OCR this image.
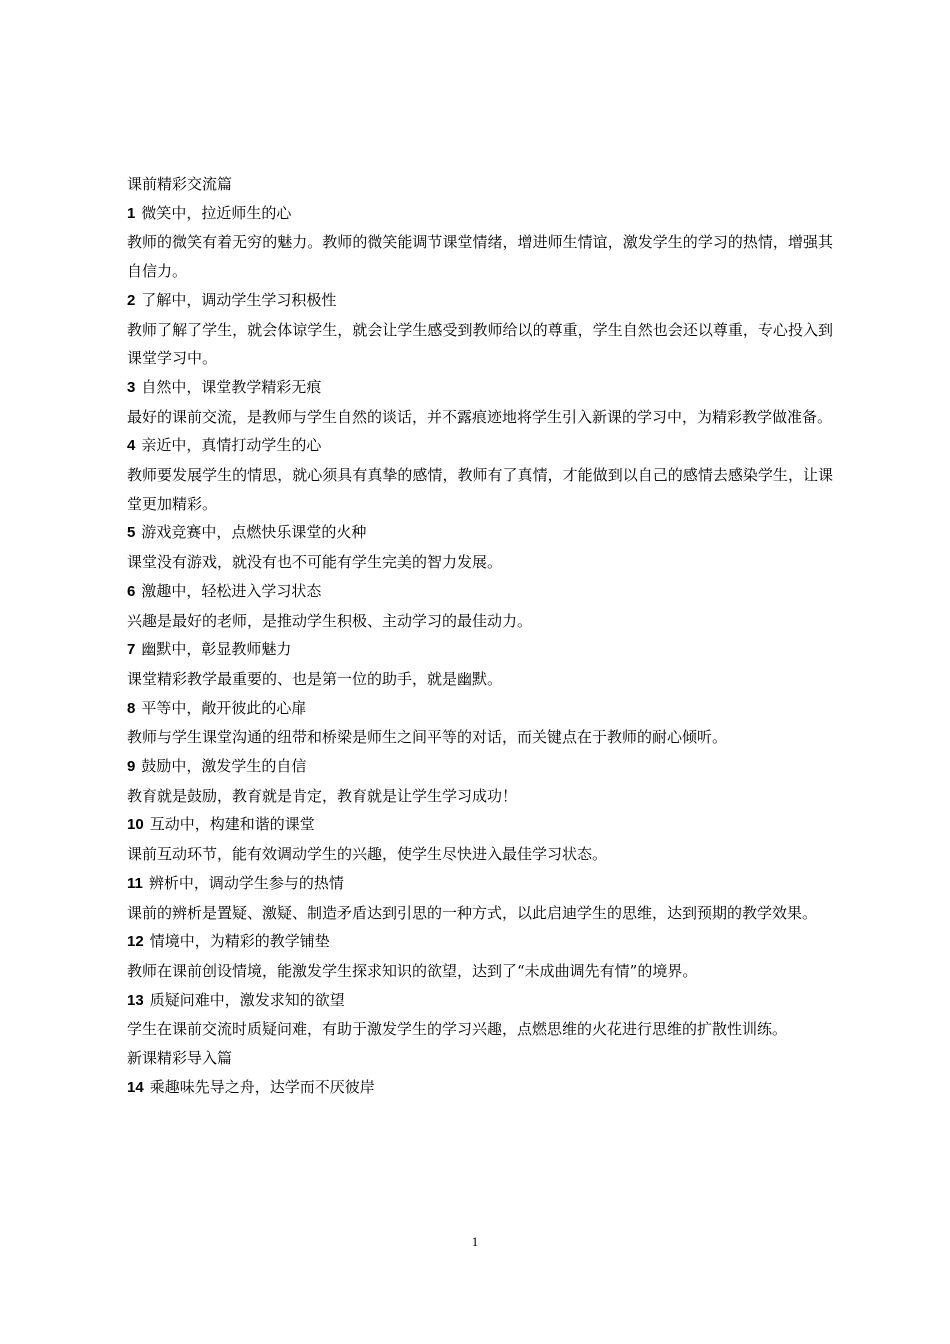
课前精彩交流篇
1 微笑中，拉近师生的心
教师的微笑有着无穷的魅力。教师的微笑能调节课堂情绪，增进师生情谊，激发学生的学习的热情，增强其自信力。
2 了解中，调动学生学习积极性
教师了解了学生，就会体谅学生，就会让学生感受到教师给以的尊重，学生自然也会还以尊重，专心投入到课堂学习中。
3 自然中，课堂教学精彩无痕
最好的课前交流，是教师与学生自然的谈话，并不露痕迹地将学生引入新课的学习中，为精彩教学做准备。
4 亲近中，真情打动学生的心
教师要发展学生的情思，就心须具有真挚的感情，教师有了真情，才能做到以自己的感情去感染学生，让课堂更加精彩。
5 游戏竞赛中，点燃快乐课堂的火种
课堂没有游戏，就没有也不可能有学生完美的智力发展。
6 激趣中，轻松进入学习状态
兴趣是最好的老师，是推动学生积极、主动学习的最佳动力。
7 幽默中，彰显教师魅力
课堂精彩教学最重要的、也是第一位的助手，就是幽默。
8 平等中，敞开彼此的心扉
教师与学生课堂沟通的纽带和桥梁是师生之间平等的对话，而关键点在于教师的耐心倾听。
9 鼓励中，激发学生的自信
教育就是鼓励，教育就是肯定，教育就是让学生学习成功！
10 互动中，构建和谐的课堂
课前互动环节，能有效调动学生的兴趣，使学生尽快进入最佳学习状态。
11 辨析中，调动学生参与的热情
课前的辨析是置疑、激疑、制造矛盾达到引思的一种方式，以此启迪学生的思维，达到预期的教学效果。
12 情境中，为精彩的教学铺垫
教师在课前创设情境，能激发学生探求知识的欲望，达到了“未成曲调先有情”的境界。
13 质疑问难中，激发求知的欲望
学生在课前交流时质疑问难，有助于激发学生的学习兴趣，点燃思维的火花进行思维的扩散性训练。
新课精彩导入篇
14 乘趣味先导之舟，达学而不厌彼岸
1
